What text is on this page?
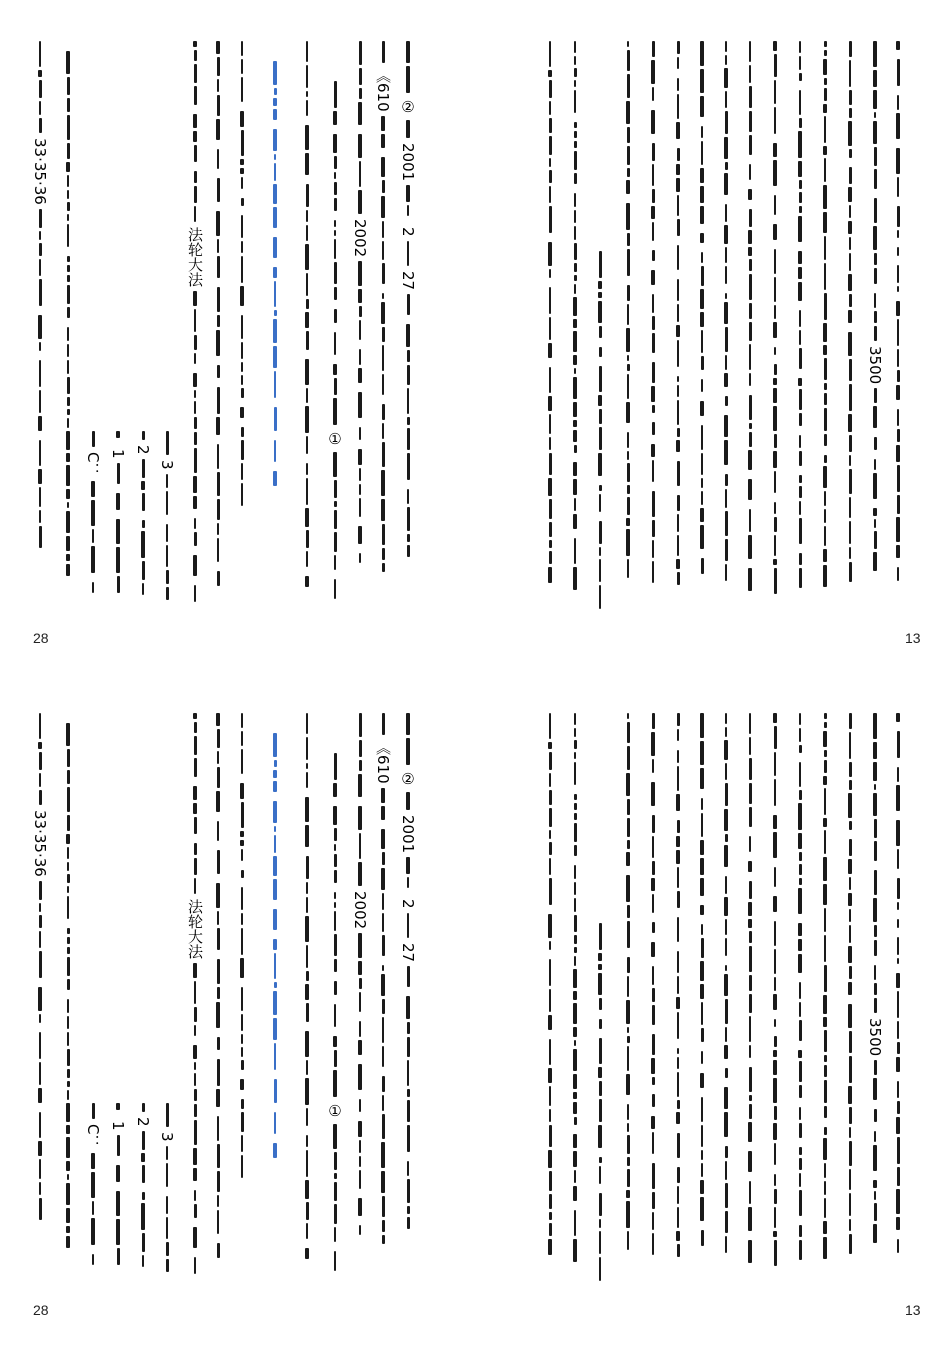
33·35·36
C： 1 2
3
法轮大法
①
2002
《610 ②
2001
2
27
28
3500
13
33·35·36
C： 1 2
3
法轮大法
①
2002
《610 ②
2001
2
27
28
3500
13
